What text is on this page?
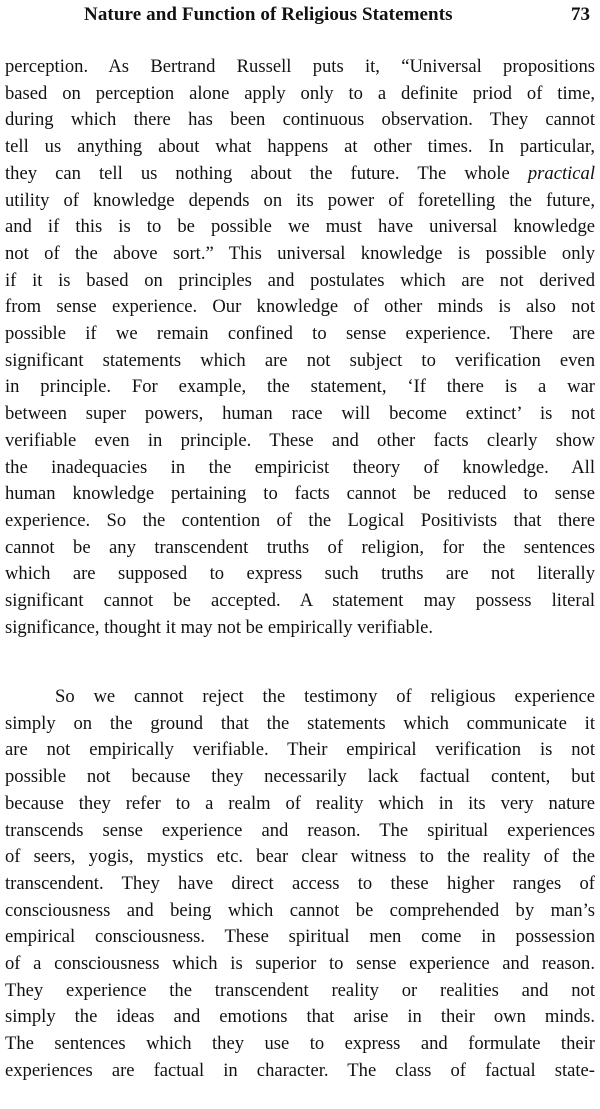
Nature and Function of Religious Statements	73
perception. As Bertrand Russell puts it, “Universal propositions
based on perception alone apply only to a definite priod of time,
during which there has been continuous observation. They cannot
tell us anything about what happens at other times. In particular,
they can tell us nothing about the future. The whole practical
utility of knowledge depends on its power of foretelling the future,
and if this is to be possible we must have universal knowledge
not of the above sort.” This universal knowledge is possible only
if it is based on principles and postulates which are not derived
from sense experience. Our knowledge of other minds is also not
possible if we remain confined to sense experience. There are
significant statements which are not subject to verification even
in principle. For example, the statement, ‘If there is a war
between super powers, human race will become extinct’ is not
verifiable even in principle. These and other facts clearly show
the inadequacies in the empiricist theory of knowledge. All
human knowledge pertaining to facts cannot be reduced to sense
experience. So the contention of the Logical Positivists that there
cannot be any transcendent truths of religion, for the sentences
which are supposed to express such truths are not literally
significant cannot be accepted. A statement may possess literal
significance, thought it may not be empirically verifiable.
So we cannot reject the testimony of religious experience
simply on the ground that the statements which communicate it
are not empirically verifiable. Their empirical verification is not
possible not because they necessarily lack factual content, but
because they refer to a realm of reality which in its very nature
transcends sense experience and reason. The spiritual experiences
of seers, yogis, mystics etc. bear clear witness to the reality of the
transcendent. They have direct access to these higher ranges of
consciousness and being which cannot be comprehended by man’s
empirical consciousness. These spiritual men come in possession
of a consciousness which is superior to sense experience and reason.
They experience the transcendent reality or realities and not
simply the ideas and emotions that arise in their own minds.
The sentences which they use to express and formulate their
experiences are factual in character. The class of factual state-
